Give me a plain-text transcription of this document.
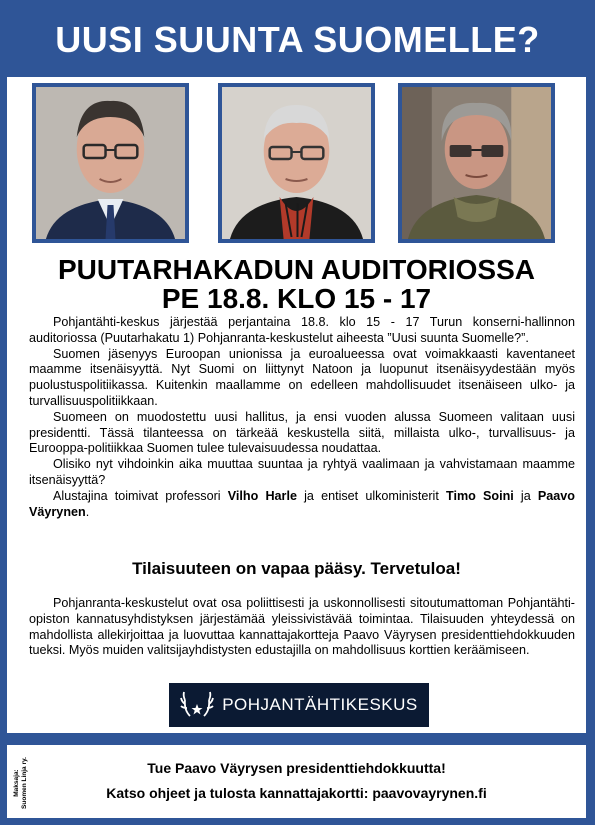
UUSI SUUNTA SUOMELLE?
PUUTARHAKADUN AUDITORIOSSA
PE 18.8. KLO 15 - 17

Pohjantähti-keskus järjestää perjantaina 18.8. klo 15 - 17 Turun konserni-hallinnon auditoriossa (Puutarhakatu 1) Pohjanranta-keskustelut aiheesta ”Uusi suunta Suomelle?”.

Suomen jäsenyys Euroopan unionissa ja euroalueessa ovat voimakkaasti kaventaneet maamme itsenäisyyttä. Nyt Suomi on liittynyt Natoon ja luopunut itsenäisyydestään myös puolustuspolitiikassa. Kuitenkin maallamme on edelleen mahdollisuudet itsenäiseen ulko- ja turvallisuuspolitiikkaan.

Suomeen on muodostettu uusi hallitus, ja ensi vuoden alussa Suomeen valitaan uusi presidentti. Tässä tilanteessa on tärkeää keskustella siitä, millaista ulko-, turvallisuus- ja Eurooppa-politiikkaa Suomen tulee tulevaisuudessa noudattaa.

Olisiko nyt vihdoinkin aika muuttaa suuntaa ja ryhtyä vaalimaan ja vahvistamaan maamme itsenäisyyttä?

Alustajina toimivat professori Vilho Harle ja entiset ulkoministerit Timo Soini ja Paavo Väyrynen.

Tilaisuuteen on vapaa pääsy. Tervetuloa!

Pohjanranta-keskustelut ovat osa poliittisesti ja uskonnollisesti sitoutumattoman Pohjantähti-opiston kannatusyhdistyksen järjestämää yleissivistävää toimintaa. Tilaisuuden yhteydessä on mahdollista allekirjoittaa ja luovuttaa kannattajakortteja Paavo Väyrysen presidenttiehdokkuuden tueksi. Myös muiden valitsijayhdistysten edustajilla on mahdollisuus korttien keräämiseen.

POHJANTÄHTIKESKUS
Maksaja:
Suomen Linja ry.	Tue Paavo Väyrysen presidenttiehdokkuutta!
Katso ohjeet ja tulosta kannattajakortti: paavovayrynen.fi
